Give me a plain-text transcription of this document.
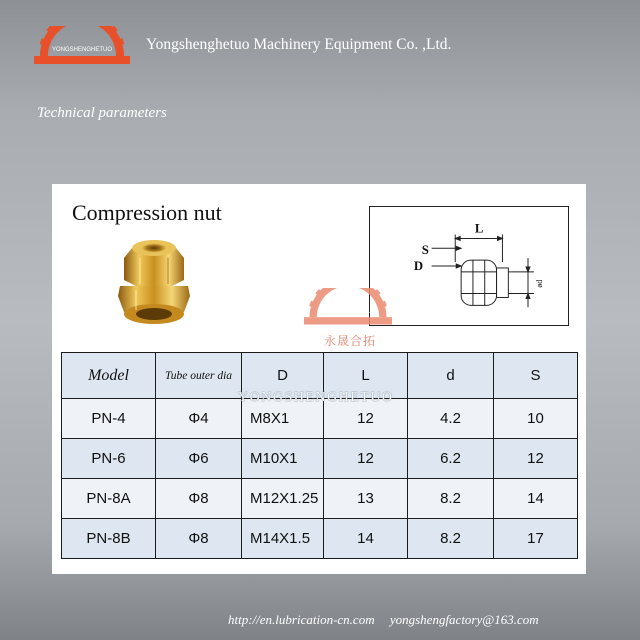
YONGSHENGHETUO Yongshenghetuo Machinery Equipment Co. ,Ltd.
Technical parameters
Compression nut
S
L
D
ød
YONGSHENGHETUO
永晟合拓
Model	Tube outer dia	D	L	d	S
PN-4	Φ4	M8X1	12	4.2	10
PN-6	Φ6	M10X1	12	6.2	12
PN-8A	Φ8	M12X1.25	13	8.2	14
PN-8B	Φ8	M14X1.5	14	8.2	17
YONGSHENGHETUO
http://en.lubrication-cn.com yongshengfactory@163.com
